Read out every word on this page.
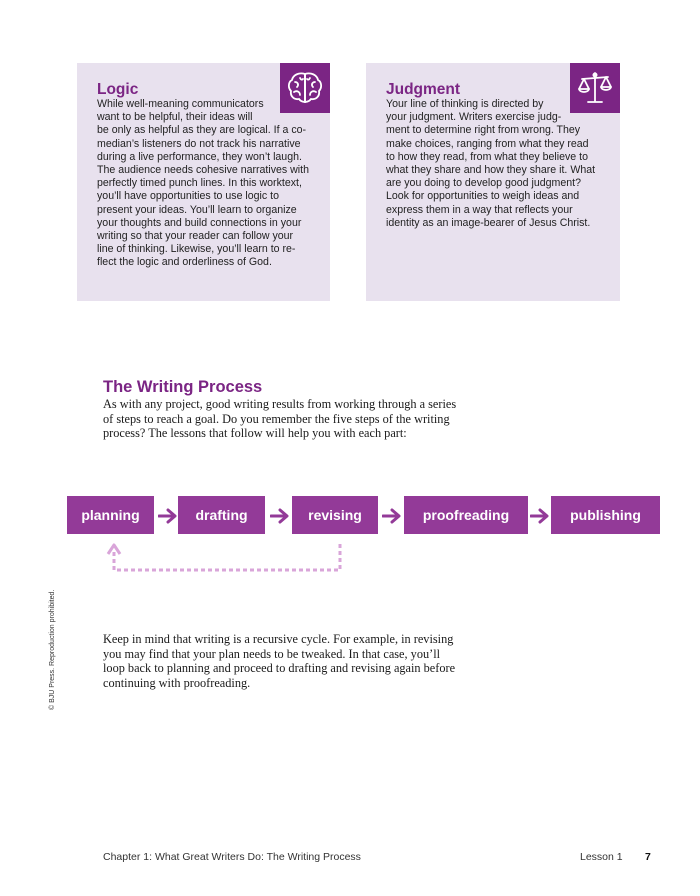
Logic

While well-meaning communicators
want to be helpful, their ideas will
be only as helpful as they are logical. If a co-
median’s listeners do not track his narrative
during a live performance, they won’t laugh.
The audience needs cohesive narratives with
perfectly timed punch lines. In this worktext,
you’ll have opportunities to use logic to
present your ideas. You’ll learn to organize
your thoughts and build connections in your
writing so that your reader can follow your
line of thinking. Likewise, you’ll learn to re-
flect the logic and orderliness of God.

Judgment

Your line of thinking is directed by
your judgment. Writers exercise judg-
ment to determine right from wrong. They
make choices, ranging from what they read
to how they read, from what they believe to
what they share and how they share it. What
are you doing to develop good judgment?
Look for opportunities to weigh ideas and
express them in a way that reflects your
identity as an image-bearer of Jesus Christ.

The Writing Process

As with any project, good writing results from working through a series
of steps to reach a goal. Do you remember the five steps of the writing
process? The lessons that follow will help you with each part:

planning	drafting	revising	proofreading	publishing

Keep in mind that writing is a recursive cycle. For example, in revising
you may find that your plan needs to be tweaked. In that case, you’ll
loop back to planning and proceed to drafting and revising again before
continuing with proofreading.

© BJU Press. Reproduction prohibited.
Chapter 1: What Great Writers Do: The Writing Process	Lesson 1 7
